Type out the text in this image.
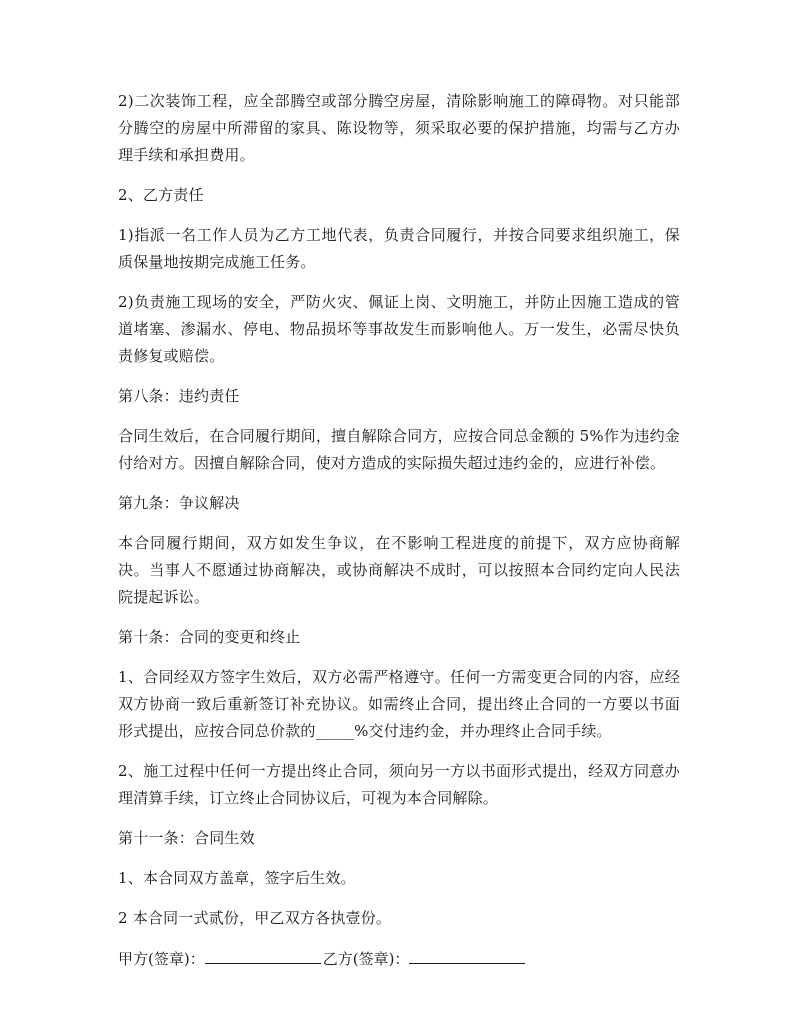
2)二次装饰工程，应全部腾空或部分腾空房屋，清除影响施工的障碍物。对只能部分腾空的房屋中所滞留的家具、陈设物等，须采取必要的保护措施，均需与乙方办理手续和承担费用。

2、乙方责任

1)指派一名工作人员为乙方工地代表，负责合同履行，并按合同要求组织施工，保质保量地按期完成施工任务。

2)负责施工现场的安全，严防火灾、佩证上岗、文明施工，并防止因施工造成的管道堵塞、渗漏水、停电、物品损坏等事故发生而影响他人。万一发生，必需尽快负责修复或赔偿。

第八条：违约责任

合同生效后，在合同履行期间，擅自解除合同方，应按合同总金额的 5%作为违约金付给对方。因擅自解除合同，使对方造成的实际损失超过违约金的，应进行补偿。

第九条：争议解决

本合同履行期间，双方如发生争议，在不影响工程进度的前提下，双方应协商解决。当事人不愿通过协商解决，或协商解决不成时，可以按照本合同约定向人民法院提起诉讼。

第十条：合同的变更和终止

1、合同经双方签字生效后，双方必需严格遵守。任何一方需变更合同的内容，应经双方协商一致后重新签订补充协议。如需终止合同，提出终止合同的一方要以书面形式提出，应按合同总价款的_____%交付违约金，并办理终止合同手续。

2、施工过程中任何一方提出终止合同，须向另一方以书面形式提出，经双方同意办理清算手续，订立终止合同协议后，可视为本合同解除。

第十一条：合同生效

1、本合同双方盖章，签字后生效。

2 本合同一式贰份，甲乙双方各执壹份。

甲方(签章)：	乙方(签章)：
